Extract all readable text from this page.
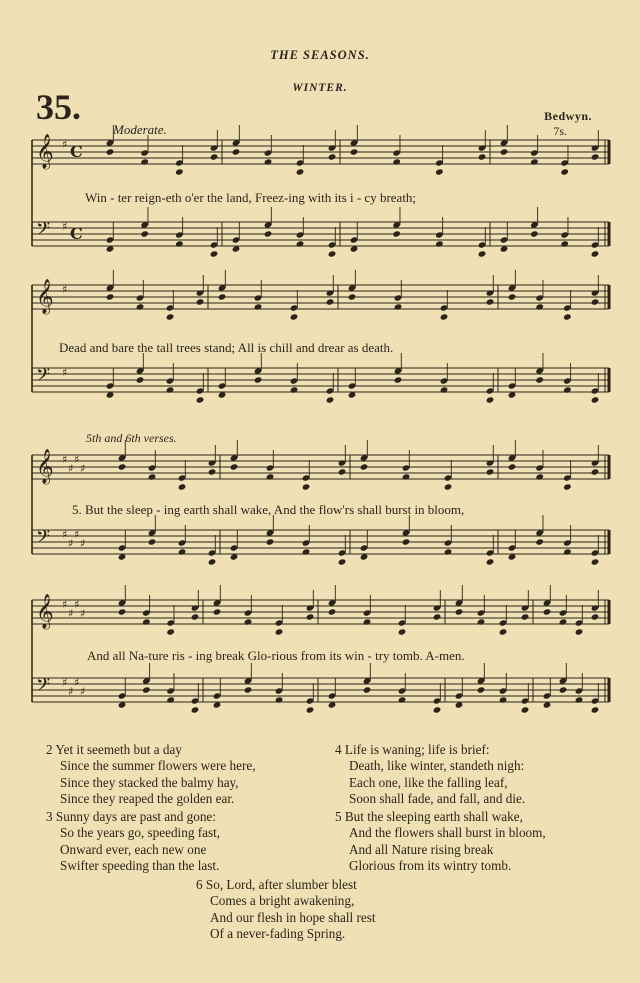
THE SEASONS.
WINTER.
35.	Bedwyn.
7s.
Moderate.
5th and 6th verses.
𝄞 ♯ C
𝄢 ♯ C
𝄞 ♯
𝄢 ♯
𝄞 ♯
♯
♯
♯
𝄢 ♯
♯
♯
♯
𝄞 ♯
♯
♯
♯
𝄢 ♯
♯
♯
♯
Win - ter reign-eth o'er the land, Freez-ing with its i - cy breath;
Dead and bare the tall trees stand; All is chill and drear as death.
5. But the sleep - ing earth shall wake, And the flow'rs shall burst in bloom,
And all Na-ture ris - ing break Glo-rious from its win - try tomb. A-men.
2 Yet it seemeth but a day
Since the summer flowers were here,
Since they stacked the balmy hay,
Since they reaped the golden ear.
3 Sunny days are past and gone:
So the years go, speeding fast,
Onward ever, each new one
Swifter speeding than the last.
4 Life is waning; life is brief:
Death, like winter, standeth nigh:
Each one, like the falling leaf,
Soon shall fade, and fall, and die.
5 But the sleeping earth shall wake,
And the flowers shall burst in bloom,
And all Nature rising break
Glorious from its wintry tomb.
6 So, Lord, after slumber blest
Comes a bright awakening,
And our flesh in hope shall rest
Of a never-fading Spring.
